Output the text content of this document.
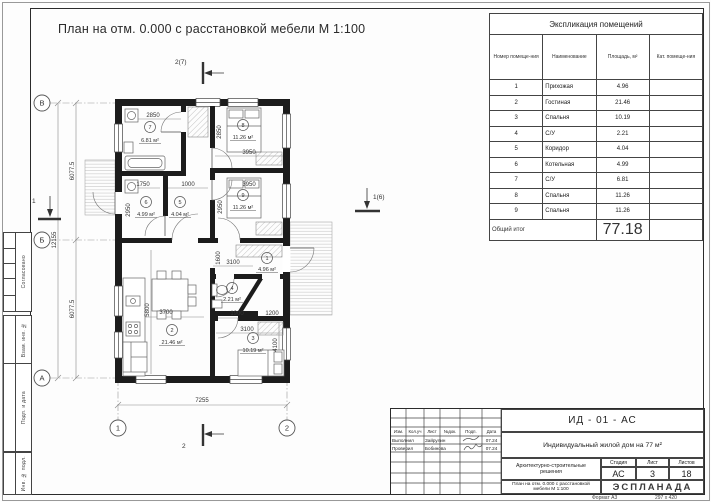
Согласовано
Взам. инв. №
Подп. и дата
Инв. № подл.
План на отм. 0.000 с расстановкой мебели М 1:100	Экспликация помещений			
Номер помеще-ния	Наименование	Площадь, м²	Кат. помеще-ния
1	Прихожая	4.96	
2	Гостиная	21.46	
3	Спальня	10.19	
4	С/У	2.21	
5	Коридор	4.04	
6	Котельная	4.99	
7	С/У	6.81	
8	Спальня	11.26	
9	Спальня	11.26	
Общий итог		77.18	
2850
2850
3950
3950
1750	1000
2950	2950
1600 3100
3700	1900	1200
3100
5800
4100
7255
6077.5
6077.5
12155
7
6.81 м²
8
11.26 м²
6
4.99 м²
5
4.04 м²
9
11.26 м²
1
4.96 м²
2
21.46 м²
4
2.21 м²
3
10.19 м²
В
Б
А
1	2
2(7)
1(6)
1
2
Изм.	Кол.уч	Лист	№док.	Подп.	Дата
Выполнил	Зайрулин	07.24
Проверил	Бобинова	07.24
ИД - 01 - АС
Индивидуальный жилой дом на 77 м²
Архитектурно-строительные решения
План на отм. 0.000 с расстановкой мебели М 1:100
Стадия	Лист	Листов
АС	3	18
ЭСПЛАНАДА
Формат А3	297 х 420
